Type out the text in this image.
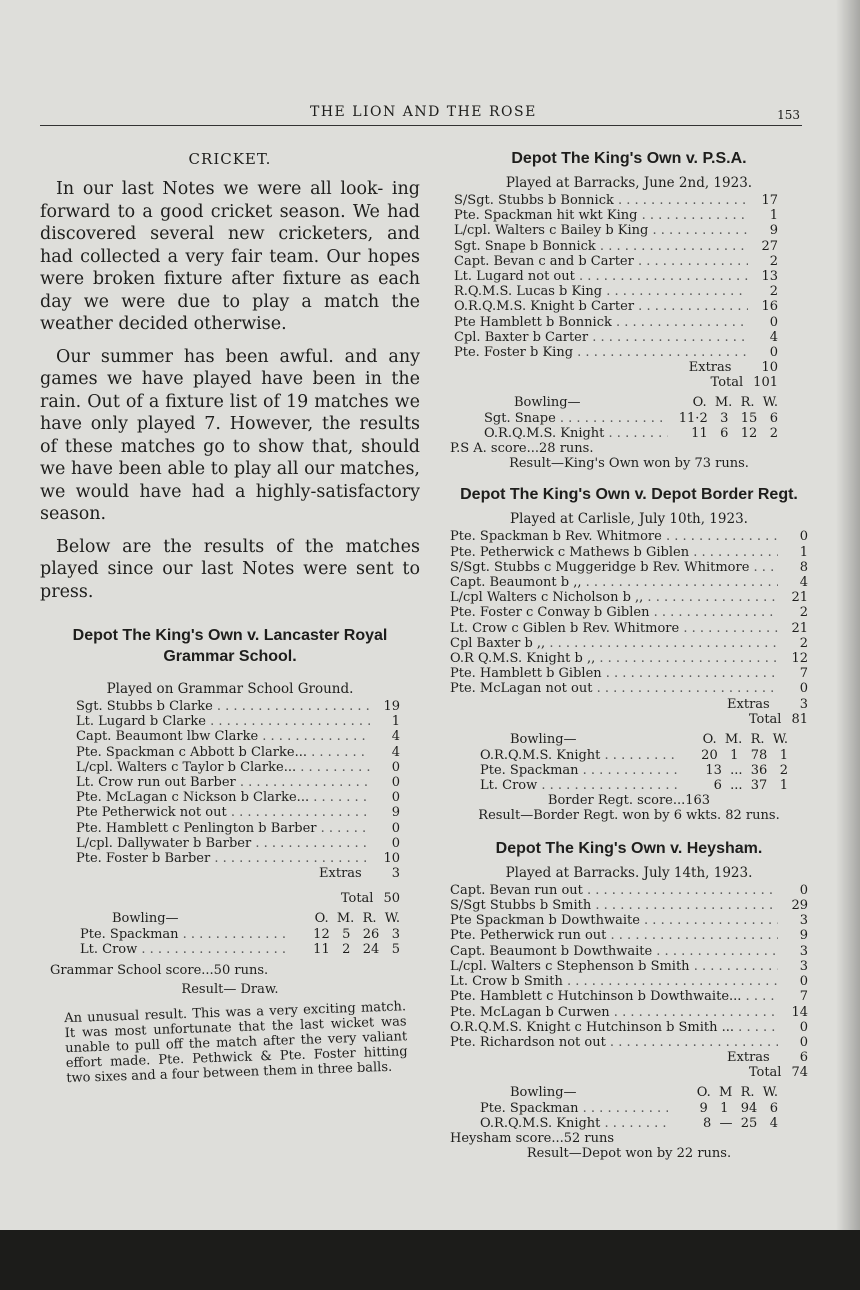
THE LION AND THE ROSE	153
CRICKET.

In our last Notes we were all look- ing forward to a good cricket season. We had discovered several new cricketers, and had collected a very fair team. Our hopes were broken fixture after fixture as each day we were due to play a match the weather decided otherwise.

Our summer has been awful. and any games we have played have been in the rain. Out of a fixture list of 19 matches we have only played 7. However, the results of these matches go to show that, should we have been able to play all our matches, we would have had a highly-satisfactory season.

Below are the results of the matches played since our last Notes were sent to press.

Depot The King's Own v. Lancaster Royal Grammar School.
Played on Grammar School Ground.
Sgt. Stubbs b Clarke . . .	19
Lt. Lugard b Clarke . . .	1
Capt. Beaumont lbw Clarke . . .	4
Pte. Spackman c Abbott b Clarke... . . .	4
L/cpl. Walters c Taylor b Clarke... . . .	0
Lt. Crow run out Barber . . .	0
Pte. McLagan c Nickson b Clarke... . . .	0
Pte Petherwick not out . . .	9
Pte. Hamblett c Penlington b Barber . . .	0
L/cpl. Dallywater b Barber . . .	0
Pte. Foster b Barber . . .	10
Extras 3
Total 50
Bowling—	O.  M.  R.  W.
Pte. Spackman . . .	12   5   26   3
Lt. Crow . . .	11   2   24   5
Grammar School score...50 runs.
Result— Draw.
An unusual result. This was a very exciting match. It was most unfortunate that the last wicket was unable to pull off the match after the very valiant effort made. Pte. Pethwick & Pte. Foster hitting two sixes and a four between them in three balls.
Depot The King's Own v. P.S.A.
Played at Barracks, June 2nd, 1923.
S/Sgt. Stubbs b Bonnick . . .	17
Pte. Spackman hit wkt King . . .	1
L/cpl. Walters c Bailey b King . . .	9
Sgt. Snape b Bonnick . . .	27
Capt. Bevan c and b Carter . . .	2
Lt. Lugard not out . . .	13
R.Q.M.S. Lucas b King . . .	2
O.R.Q.M.S. Knight b Carter . . .	16
Pte Hamblett b Bonnick . . .	0
Cpl. Baxter b Carter . . .	4
Pte. Foster b King . . .	0
Extras 10
Total 101
Bowling—	O.  M.  R.  W.
Sgt. Snape . . .	11·2   3   15   6
O.R.Q.M.S. Knight . . .	11   6   12   2
P.S A. score...28 runs.
Result—King's Own won by 73 runs.
Depot The King's Own v. Depot Border Regt.
Played at Carlisle, July 10th, 1923.
Pte. Spackman b Rev. Whitmore . . .	0
Pte. Petherwick c Mathews b Giblen . . .	1
S/Sgt. Stubbs c Muggeridge b Rev. Whitmore . . .	8
Capt. Beaumont b ,, . . .	4
L/cpl Walters c Nicholson b ,, . . .	21
Pte. Foster c Conway b Giblen . . .	2
Lt. Crow c Giblen b Rev. Whitmore . . .	21
Cpl Baxter b ,, . . .	2
O.R Q.M.S. Knight b ,, . . .	12
Pte. Hamblett b Giblen . . .	7
Pte. McLagan not out . . .	0
Extras 3
Total 81
Bowling—	O.  M.  R.  W.
O.R.Q.M.S. Knight . . .	20   1   78   1
Pte. Spackman . . .	13  ...  36   2
Lt. Crow . . .	6  ...  37   1
Border Regt. score...163
Result—Border Regt. won by 6 wkts. 82 runs.
Depot The King's Own v. Heysham.
Played at Barracks. July 14th, 1923.
Capt. Bevan run out . . .	0
S/Sgt Stubbs b Smith . . .	29
Pte Spackman b Dowthwaite . . .	3
Pte. Petherwick run out . . .	9
Capt. Beaumont b Dowthwaite . . .	3
L/cpl. Walters c Stephenson b Smith . . .	3
Lt. Crow b Smith . . .	0
Pte. Hamblett c Hutchinson b Dowthwaite... . . .	7
Pte. McLagan b Curwen . . .	14
O.R.Q.M.S. Knight c Hutchinson b Smith ... . . .	0
Pte. Richardson not out . . .	0
Extras 6
Total 74
Bowling—	O.  M  R.  W.
Pte. Spackman . . .	9   1   94   6
O.R.Q.M.S. Knight . . .	8  —  25   4
Heysham score...52 runs
Result—Depot won by 22 runs.
